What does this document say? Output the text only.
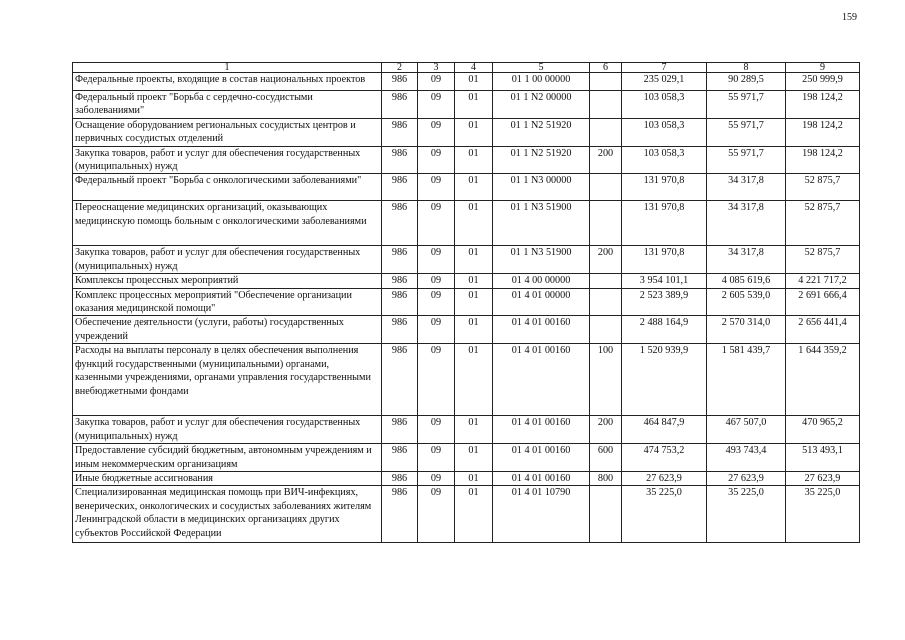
159
1	2	3	4	5	6	7	8	9
Федеральные проекты, входящие в состав национальных проектов	986	09	01	01 1 00 00000		235 029,1	90 289,5	250 999,9
Федеральный проект "Борьба с сердечно-сосудистыми заболеваниями"	986	09	01	01 1 N2 00000		103 058,3	55 971,7	198 124,2
Оснащение оборудованием региональных сосудистых центров и первичных сосудистых отделений	986	09	01	01 1 N2 51920		103 058,3	55 971,7	198 124,2
Закупка товаров, работ и услуг для обеспечения государственных (муниципальных) нужд	986	09	01	01 1 N2 51920	200	103 058,3	55 971,7	198 124,2
Федеральный проект "Борьба с онкологическими заболеваниями"	986	09	01	01 1 N3 00000		131 970,8	34 317,8	52 875,7
Переоснащение медицинских организаций, оказывающих медицинскую помощь больным с онкологическими заболеваниями	986	09	01	01 1 N3 51900		131 970,8	34 317,8	52 875,7
Закупка товаров, работ и услуг для обеспечения государственных (муниципальных) нужд	986	09	01	01 1 N3 51900	200	131 970,8	34 317,8	52 875,7
Комплексы процессных мероприятий	986	09	01	01 4 00 00000		3 954 101,1	4 085 619,6	4 221 717,2
Комплекс процессных мероприятий "Обеспечение организации оказания медицинской помощи"	986	09	01	01 4 01 00000		2 523 389,9	2 605 539,0	2 691 666,4
Обеспечение деятельности (услуги, работы) государственных учреждений	986	09	01	01 4 01 00160		2 488 164,9	2 570 314,0	2 656 441,4
Расходы на выплаты персоналу в целях обеспечения выполнения функций государственными (муниципальными) органами, казенными учреждениями, органами управления государственными внебюджетными фондами	986	09	01	01 4 01 00160	100	1 520 939,9	1 581 439,7	1 644 359,2
Закупка товаров, работ и услуг для обеспечения государственных (муниципальных) нужд	986	09	01	01 4 01 00160	200	464 847,9	467 507,0	470 965,2
Предоставление субсидий бюджетным, автономным учреждениям и иным некоммерческим организациям	986	09	01	01 4 01 00160	600	474 753,2	493 743,4	513 493,1
Иные бюджетные ассигнования	986	09	01	01 4 01 00160	800	27 623,9	27 623,9	27 623,9
Специализированная медицинская помощь при ВИЧ-инфекциях, венерических, онкологических и сосудистых заболеваниях жителям Ленинградской области в медицинских организациях других субъектов Российской Федерации	986	09	01	01 4 01 10790		35 225,0	35 225,0	35 225,0
